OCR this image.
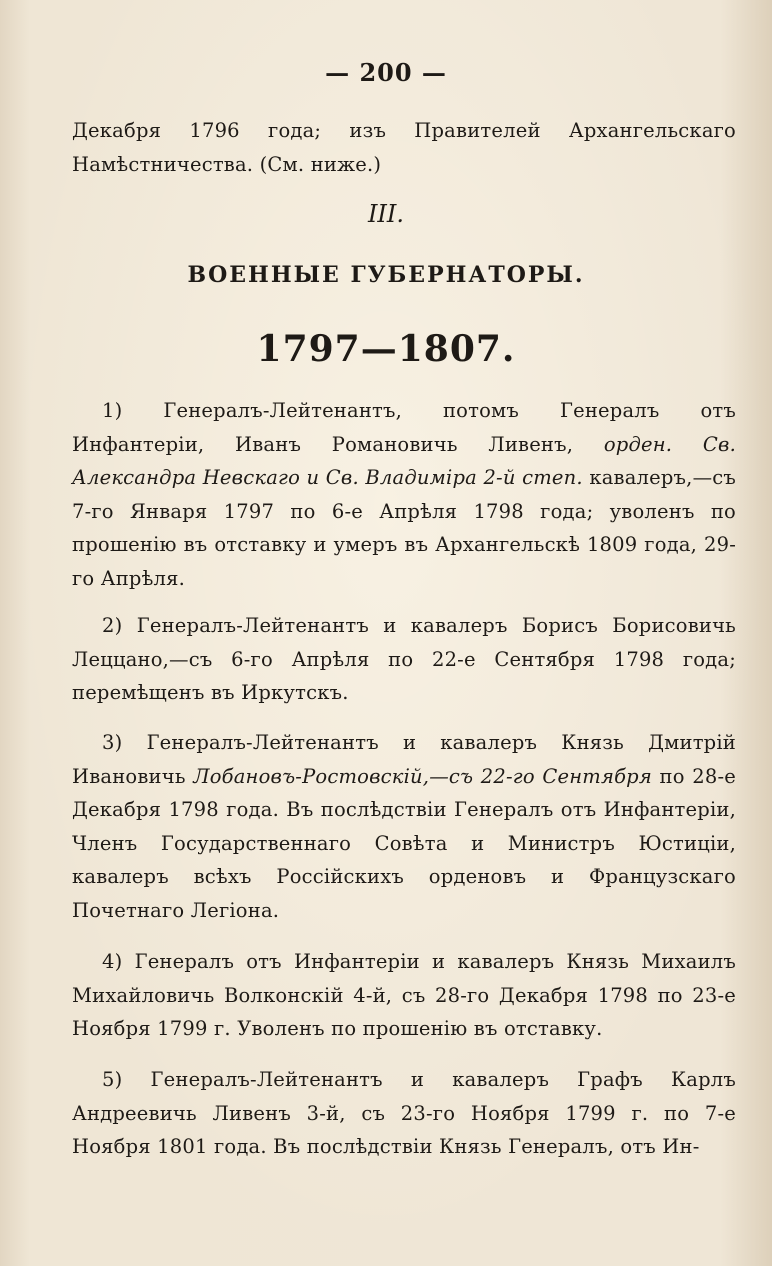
— 200 —
Декабря 1796 года; изъ Правителей Архангельскаго Намѣстничества. (См. ниже.)
III.
ВОЕННЫЕ ГУБЕРНАТОРЫ.
1797—1807.
1) Генералъ-Лейтенантъ, потомъ Генералъ отъ Инфантеріи, Иванъ Романовичь Ливенъ, орден. Св. Александра Невскаго и Св. Владиміра 2-й степ. кавалеръ,—съ 7-го Января 1797 по 6-е Апрѣля 1798 года; уволенъ по прошенію въ отставку и умеръ въ Архангельскѣ 1809 года, 29-го Апрѣля.
2) Генералъ-Лейтенантъ и кавалеръ Борисъ Борисовичь Леццано,—съ 6-го Апрѣля по 22-е Сентября 1798 года; перемѣщенъ въ Иркутскъ.
3) Генералъ-Лейтенантъ и кавалеръ Князь Дмитрій Ивановичь Лобановъ-Ростовскій,—съ 22-го Сентября по 28-е Декабря 1798 года. Въ послѣдствіи Генералъ отъ Инфантеріи, Членъ Государственнаго Совѣта и Министръ Юстиціи, кавалеръ всѣхъ Россійскихъ орденовъ и Французскаго Почетнаго Легіона.
4) Генералъ отъ Инфантеріи и кавалеръ Князь Михаилъ Михайловичь Волконскій 4-й, съ 28-го Декабря 1798 по 23-е Ноября 1799 г. Уволенъ по прошенію въ отставку.
5) Генералъ-Лейтенантъ и кавалеръ Графъ Карлъ Андреевичь Ливенъ 3-й, съ 23-го Ноября 1799 г. по 7-е Ноября 1801 года. Въ послѣдствіи Князь Генералъ, отъ Ин-
